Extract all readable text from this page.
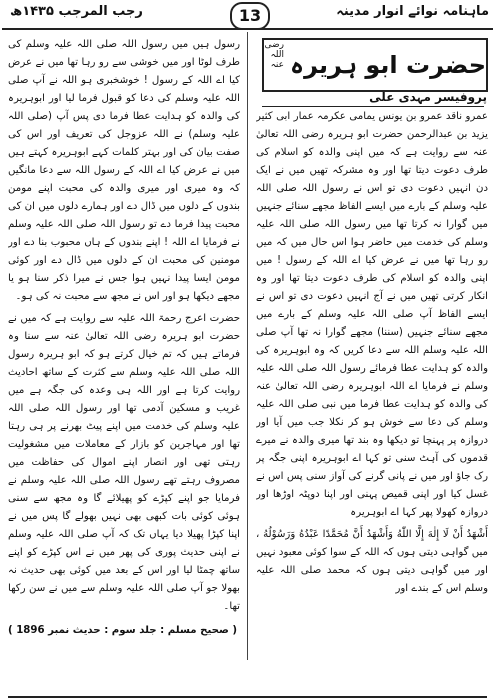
ماہنامہ نوائے انوار مدینہ
13
رجب المرجب ۱۴۳۵ھ
حضرت ابو ہریرہ
رضی اللہ عنہ
پروفیسر مہدی علی

عمرو ناقد عمرو بن یونس یمامی عکرمہ عمار ابی کثیر یزید بن عبدالرحمن حضرت ابو ہریرہ رضی اللہ تعالیٰ عنہ سے روایت ہے کہ میں اپنی والدہ کو اسلام کی طرف دعوت دیتا تھا اور وہ مشرکہ تھیں میں نے ایک دن انہیں دعوت دی تو اس نے رسول اللہ صلی اللہ علیہ وسلم کے بارے میں ایسے الفاظ مجھے سنائے جنہیں میں گوارا نہ کرتا تھا میں رسول اللہ صلی اللہ علیہ وسلم کی خدمت میں حاضر ہوا اس حال میں کہ میں رو رہا تھا میں نے عرض کیا اے اللہ کے رسول ! میں اپنی والدہ کو اسلام کی طرف دعوت دیتا تھا اور وہ انکار کرتی تھیں میں نے آج انہیں دعوت دی تو اس نے ایسے الفاظ آپ صلی اللہ علیہ وسلم کے بارے میں مجھے سنائے جنہیں (سننا) مجھے گوارا نہ تھا آپ صلی اللہ علیہ وسلم اللہ سے دعا کریں کہ وہ ابوہریرہ کی والدہ کو ہدایت عطا فرمائے رسول اللہ صلی اللہ علیہ وسلم نے فرمایا اے اللہ ابوہریرہ رضی اللہ تعالیٰ عنہ کی والدہ کو ہدایت عطا فرما میں نبی صلی اللہ علیہ وسلم کی دعا سے خوش ہو کر نکلا جب میں آیا اور دروازہ پر پہنچا تو دیکھا وہ بند تھا میری والدہ نے میرے قدموں کی آہٹ سنی تو کہا اے ابوہریرہ اپنی جگہ پر رک جاؤ اور میں نے پانی گرنے کی آواز سنی پس اس نے غسل کیا اور اپنی قمیص پہنی اور اپنا دوپٹہ اوڑھا اور دروازہ کھولا پھر کہا اے ابوہریرہ

أَشْهَدُ أَنْ لَا إِلٰهَ إِلَّا اللّٰهُ وَأَشْهَدُ أَنَّ مُحَمَّدًا عَبْدُهُ وَرَسُوْلُهُ ، میں گواہی دیتی ہوں کہ اللہ کے سوا کوئی معبود نہیں اور میں گواہی دیتی ہوں کہ محمد صلی اللہ علیہ وسلم اس کے بندے اور

رسول ہیں میں رسول اللہ صلی اللہ علیہ وسلم کی طرف لوٹا اور میں خوشی سے رو رہا تھا میں نے عرض کیا اے اللہ کے رسول ! خوشخبری ہو اللہ نے آپ صلی اللہ علیہ وسلم کی دعا کو قبول فرما لیا اور ابوہریرہ کی والدہ کو ہدایت عطا فرما دی پس آپ (صلی اللہ علیہ وسلم) نے اللہ عزوجل کی تعریف اور اس کی صفت بیان کی اور بہتر کلمات کہے ابوہریرہ کہتے ہیں میں نے عرض کیا اے اللہ کے رسول اللہ سے دعا مانگیں کہ وہ میری اور میری والدہ کی محبت اپنے مومن بندوں کے دلوں میں ڈال دے اور ہمارے دلوں میں ان کی محبت پیدا فرما دے تو رسول اللہ صلی اللہ علیہ وسلم نے فرمایا اے اللہ ! اپنے بندوں کے ہاں محبوب بنا دے اور مومنین کی محبت ان کے دلوں میں ڈال دے اور کوئی مومن ایسا پیدا نہیں ہوا جس نے میرا ذکر سنا ہو یا مجھے دیکھا ہو اور اس نے مجھ سے محبت نہ کی ہو۔

حضرت اعرج رحمۃ اللہ علیہ سے روایت ہے کہ میں نے حضرت ابو ہریرہ رضی اللہ تعالیٰ عنہ سے سنا وہ فرماتے ہیں کہ تم خیال کرتے ہو کہ ابو ہریرہ رسول اللہ صلی اللہ علیہ وسلم سے کثرت کے ساتھ احادیث روایت کرتا ہے اور اللہ ہی وعدہ کی جگہ ہے میں غریب و مسکین آدمی تھا اور رسول اللہ صلی اللہ علیہ وسلم کی خدمت میں اپنے پیٹ بھرنے پر ہی رہتا تھا اور مہاجرین کو بازار کے معاملات میں مشغولیت رہتی تھی اور انصار اپنے اموال کی حفاظت میں مصروف رہتے تھے رسول اللہ صلی اللہ علیہ وسلم نے فرمایا جو اپنے کپڑے کو پھیلائے گا وہ مجھ سے سنی ہوئی کوئی بات کبھی بھی نہیں بھولے گا پس میں نے اپنا کپڑا پھیلا دیا یہاں تک کہ آپ صلی اللہ علیہ وسلم نے اپنی حدیث پوری کی پھر میں نے اس کپڑے کو اپنے ساتھ چمٹا لیا اور اس کے بعد میں کوئی بھی حدیث نہ بھولا جو آپ صلی اللہ علیہ وسلم سے میں نے سن رکھا تھا۔

( صحیح مسلم : جلد سوم : حدیث نمبر 1896 )
